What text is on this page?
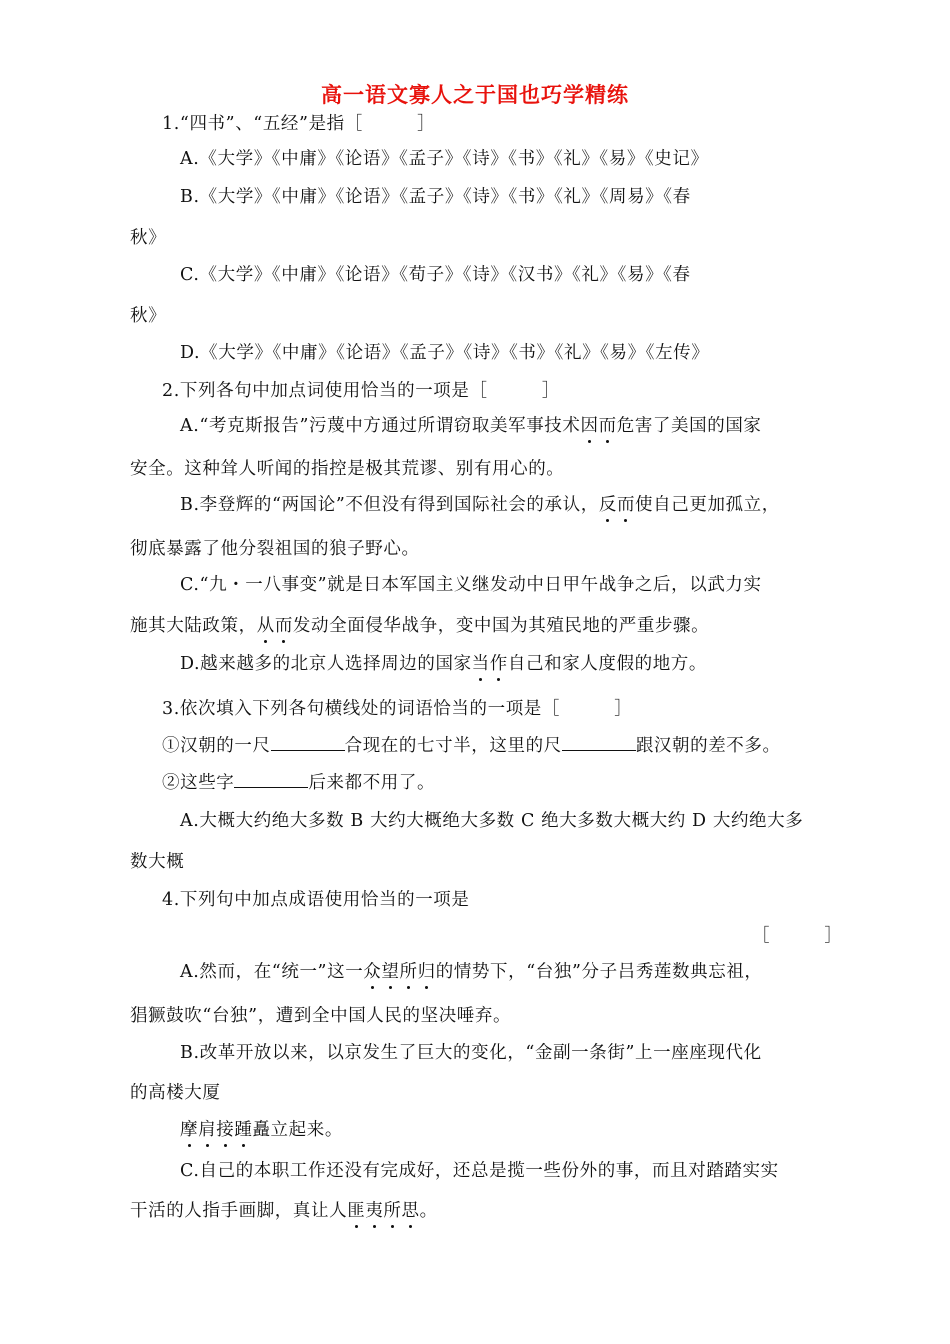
高一语文寡人之于国也巧学精练
1.“四书”、“五经”是指［　　　］
A.《大学》《中庸》《论语》《孟子》《诗》《书》《礼》《易》《史记》
B.《大学》《中庸》《论语》《孟子》《诗》《书》《礼》《周易》《春
秋》
C.《大学》《中庸》《论语》《荀子》《诗》《汉书》《礼》《易》《春
秋》
D.《大学》《中庸》《论语》《孟子》《诗》《书》《礼》《易》《左传》
2.下列各句中加点词使用恰当的一项是［　　　］
A.“考克斯报告”污蔑中方通过所谓窃取美军事技术因而危害了美国的国家
安全。这种耸人听闻的指控是极其荒谬、别有用心的。
B.李登辉的“两国论”不但没有得到国际社会的承认，反而使自己更加孤立，
彻底暴露了他分裂祖国的狼子野心。
C.“九・一八事变”就是日本军国主义继发动中日甲午战争之后，以武力实
施其大陆政策，从而发动全面侵华战争，变中国为其殖民地的严重步骤。
D.越来越多的北京人选择周边的国家当作自己和家人度假的地方。
3.依次填入下列各句横线处的词语恰当的一项是［　　　］
①汉朝的一尺	合现在的七寸半，这里的尺	跟汉朝的差不多。
②这些字	后来都不用了。
A.大概大约绝大多数 B 大约大概绝大多数 C 绝大多数大概大约 D 大约绝大多
数大概
4.下列句中加点成语使用恰当的一项是
［　　　］
A.然而，在“统一”这一众望所归的情势下，“台独”分子吕秀莲数典忘祖，
猖獗鼓吹“台独”，遭到全中国人民的坚决唾弃。
B.改革开放以来，以京发生了巨大的变化，“金副一条街”上一座座现代化
的高楼大厦
摩肩接踵矗立起来。
C.自己的本职工作还没有完成好，还总是揽一些份外的事，而且对踏踏实实
干活的人指手画脚，真让人匪夷所思。
